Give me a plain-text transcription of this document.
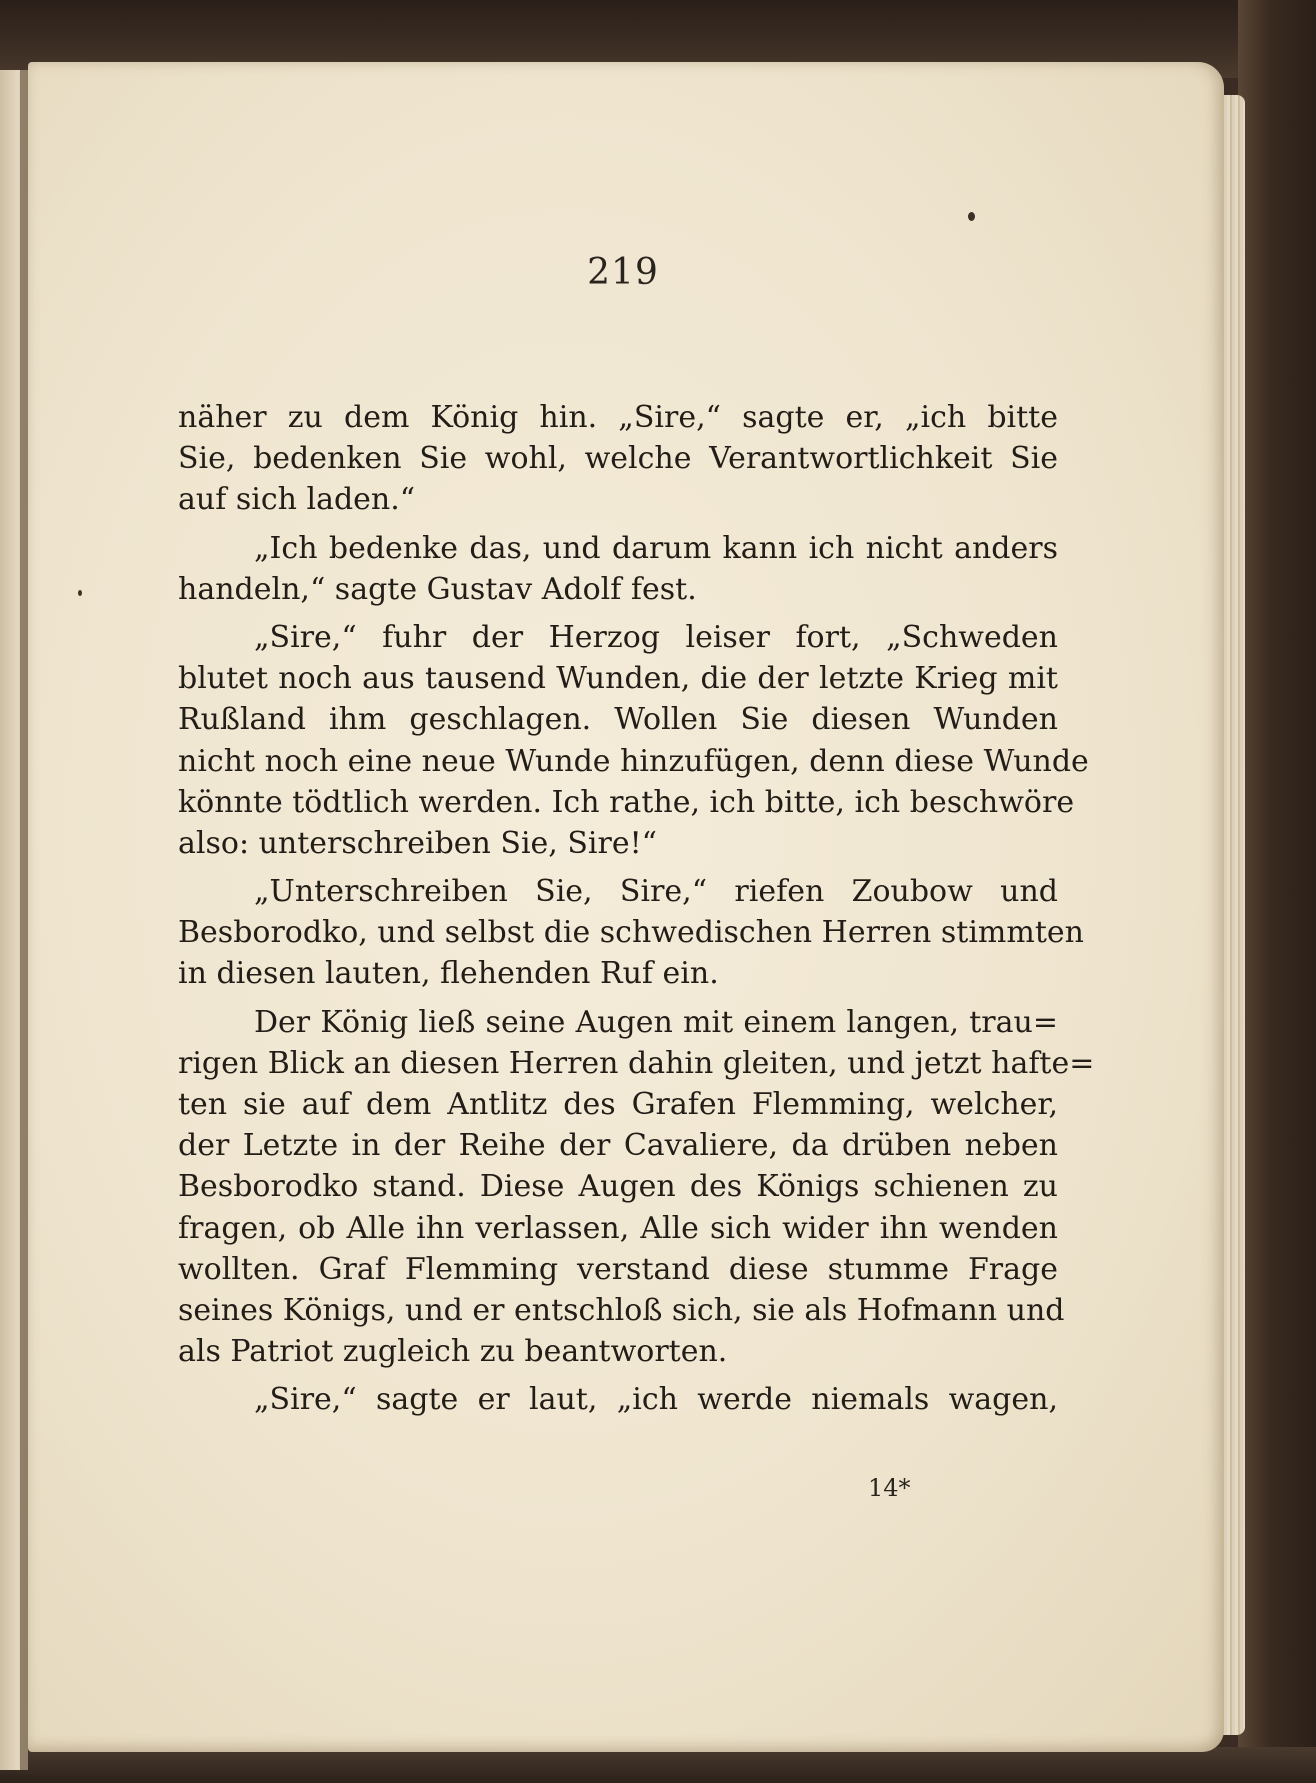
219
näher zu dem König hin. „Sire,“ sagte er, „ich bitte
Sie, bedenken Sie wohl, welche Verantwortlichkeit Sie
auf sich laden.“
„Ich bedenke das, und darum kann ich nicht anders
handeln,“ sagte Gustav Adolf fest.
„Sire,“ fuhr der Herzog leiser fort, „Schweden
blutet noch aus tausend Wunden, die der letzte Krieg mit
Rußland ihm geschlagen. Wollen Sie diesen Wunden
nicht noch eine neue Wunde hinzufügen, denn diese Wunde
könnte tödtlich werden. Ich rathe, ich bitte, ich beschwöre
also: unterschreiben Sie, Sire!“
„Unterschreiben Sie, Sire,“ riefen Zoubow und
Besborodko, und selbst die schwedischen Herren stimmten
in diesen lauten, flehenden Ruf ein.
Der König ließ seine Augen mit einem langen, trau=
rigen Blick an diesen Herren dahin gleiten, und jetzt hafte=
ten sie auf dem Antlitz des Grafen Flemming, welcher,
der Letzte in der Reihe der Cavaliere, da drüben neben
Besborodko stand. Diese Augen des Königs schienen zu
fragen, ob Alle ihn verlassen, Alle sich wider ihn wenden
wollten. Graf Flemming verstand diese stumme Frage
seines Königs, und er entschloß sich, sie als Hofmann und
als Patriot zugleich zu beantworten.
„Sire,“ sagte er laut, „ich werde niemals wagen,
14*
